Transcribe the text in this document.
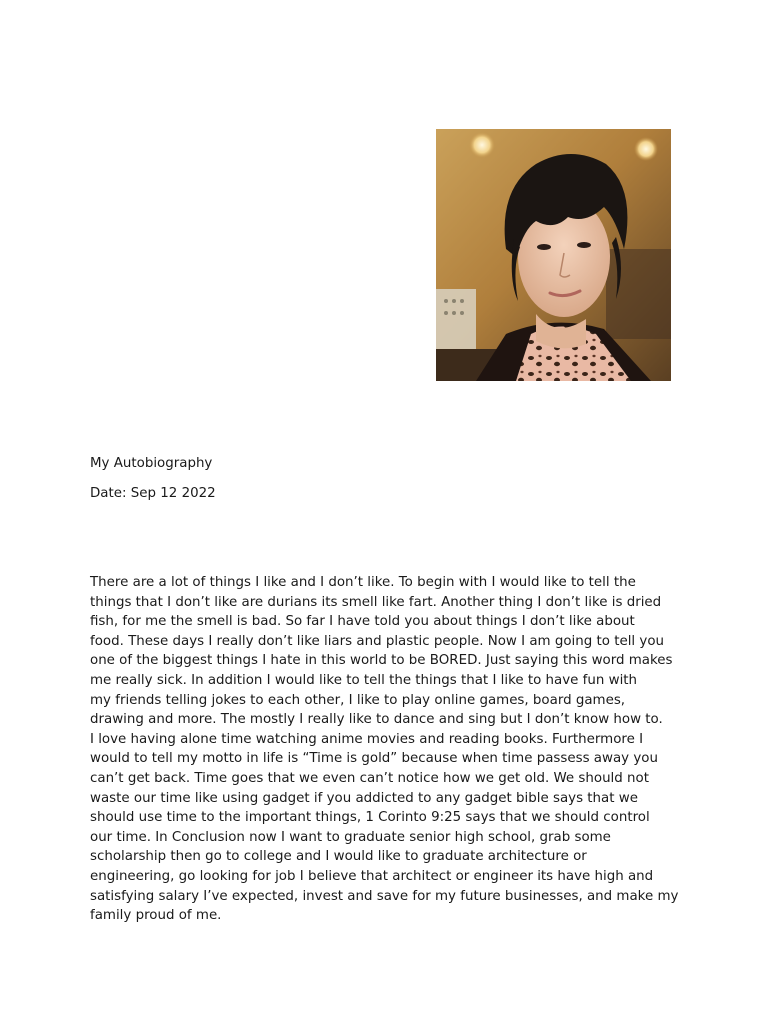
My Autobiography
Date: Sep 12 2022
There are a lot of things I like and I don’t like. To begin with I would like to tell the
things that I don’t like are durians its smell like fart. Another thing I don’t like is dried
fish, for me the smell is bad. So far I have told you about things I don’t like about
food. These days I really don’t like liars and plastic people. Now I am going to tell you
one of the biggest things I hate in this world to be BORED. Just saying this word makes
me really sick. In addition I would like to tell the things that I like to have fun with
my friends telling jokes to each other, I like to play online games, board games,
drawing and more. The mostly I really like to dance and sing but I don’t know how to.
I love having alone time watching anime movies and reading books. Furthermore I
would to tell my motto in life is “Time is gold” because when time passess away you
can’t get back. Time goes that we even can’t notice how we get old. We should not
waste our time like using gadget if you addicted to any gadget bible says that we
should use time to the important things, 1 Corinto 9:25 says that we should control
our time. In Conclusion now I want to graduate senior high school, grab some
scholarship then go to college and I would like to graduate architecture or
engineering, go looking for job I believe that architect or engineer its have high and
satisfying salary I’ve expected, invest and save for my future businesses, and make my
family proud of me.
